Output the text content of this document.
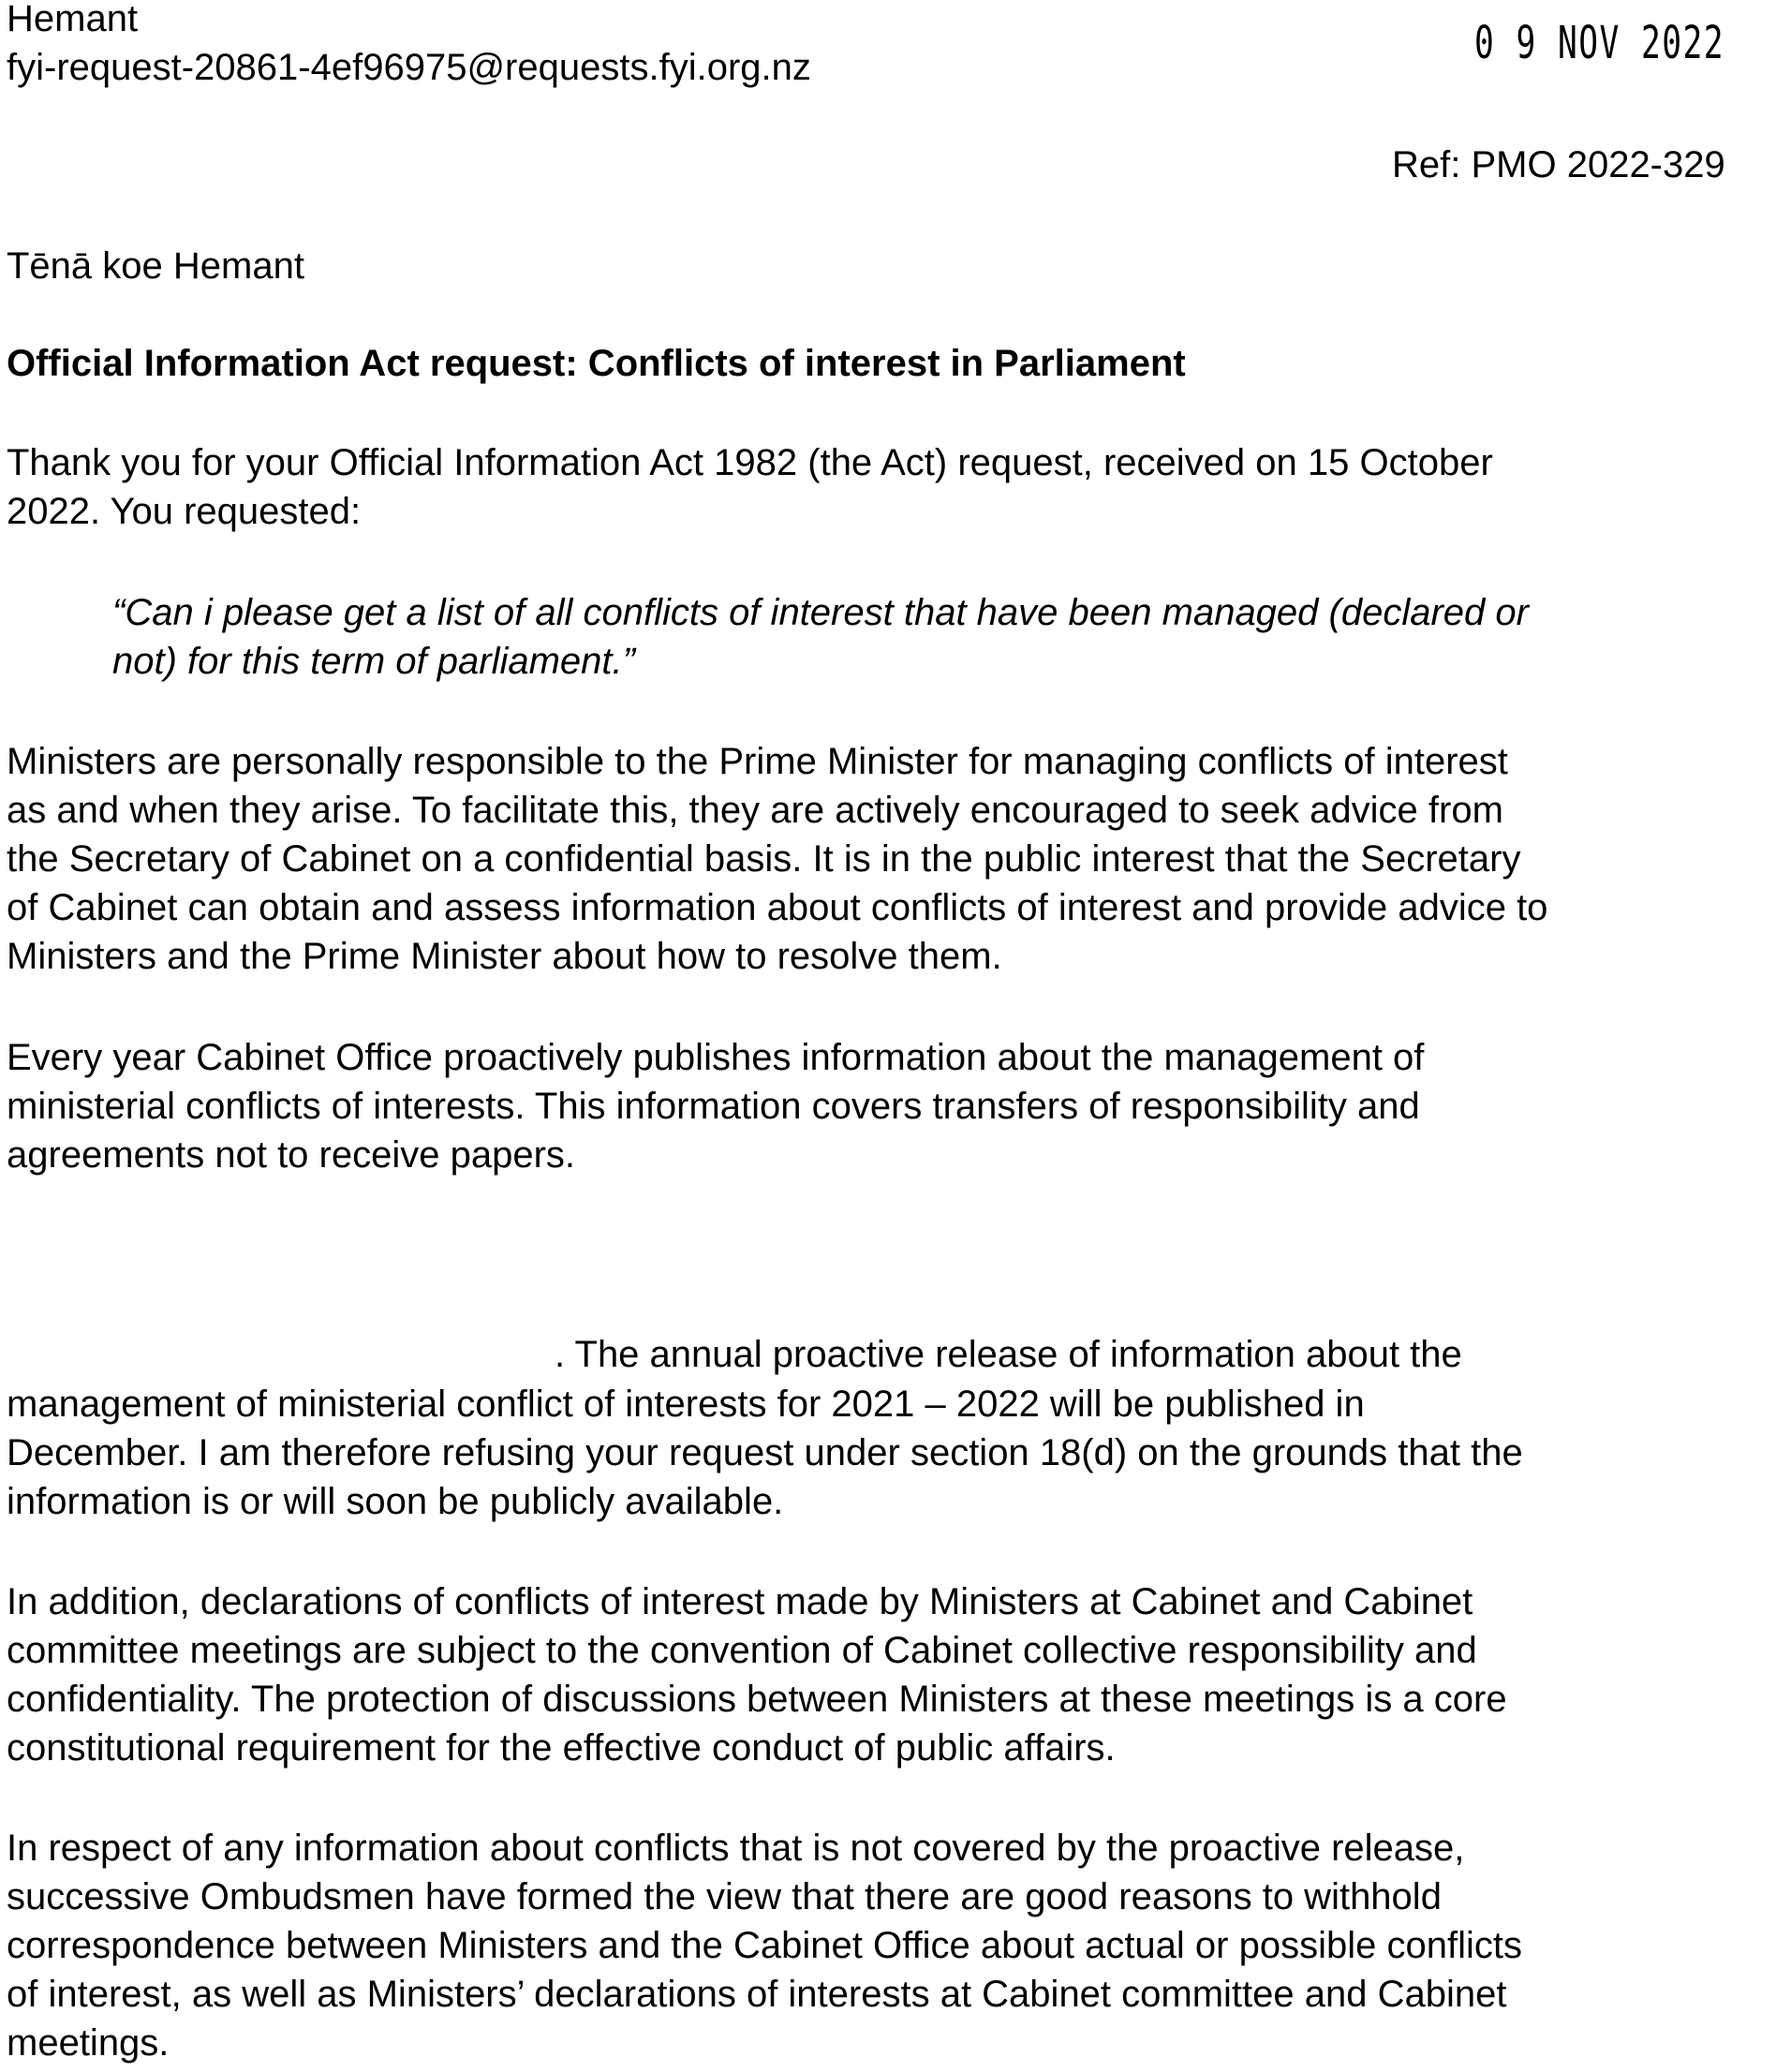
Hemant
fyi-request-20861-4ef96975@requests.fyi.org.nz	0 9 NOV 2022
Ref: PMO 2022-329
Tēnā koe Hemant
Official Information Act request: Conflicts of interest in Parliament
Thank you for your Official Information Act 1982 (the Act) request, received on 15 October
2022. You requested:
“Can i please get a list of all conflicts of interest that have been managed (declared or
not) for this term of parliament.”
Ministers are personally responsible to the Prime Minister for managing conflicts of interest
as and when they arise. To facilitate this, they are actively encouraged to seek advice from
the Secretary of Cabinet on a confidential basis. It is in the public interest that the Secretary
of Cabinet can obtain and assess information about conflicts of interest and provide advice to
Ministers and the Prime Minister about how to resolve them.
Every year Cabinet Office proactively publishes information about the management of
ministerial conflicts of interests. This information covers transfers of responsibility and
agreements not to receive papers.
. The annual proactive release of information about the
management of ministerial conflict of interests for 2021 – 2022 will be published in
December. I am therefore refusing your request under section 18(d) on the grounds that the
information is or will soon be publicly available.
In addition, declarations of conflicts of interest made by Ministers at Cabinet and Cabinet
committee meetings are subject to the convention of Cabinet collective responsibility and
confidentiality. The protection of discussions between Ministers at these meetings is a core
constitutional requirement for the effective conduct of public affairs.
In respect of any information about conflicts that is not covered by the proactive release,
successive Ombudsmen have formed the view that there are good reasons to withhold
correspondence between Ministers and the Cabinet Office about actual or possible conflicts
of interest, as well as Ministers’ declarations of interests at Cabinet committee and Cabinet
meetings.
